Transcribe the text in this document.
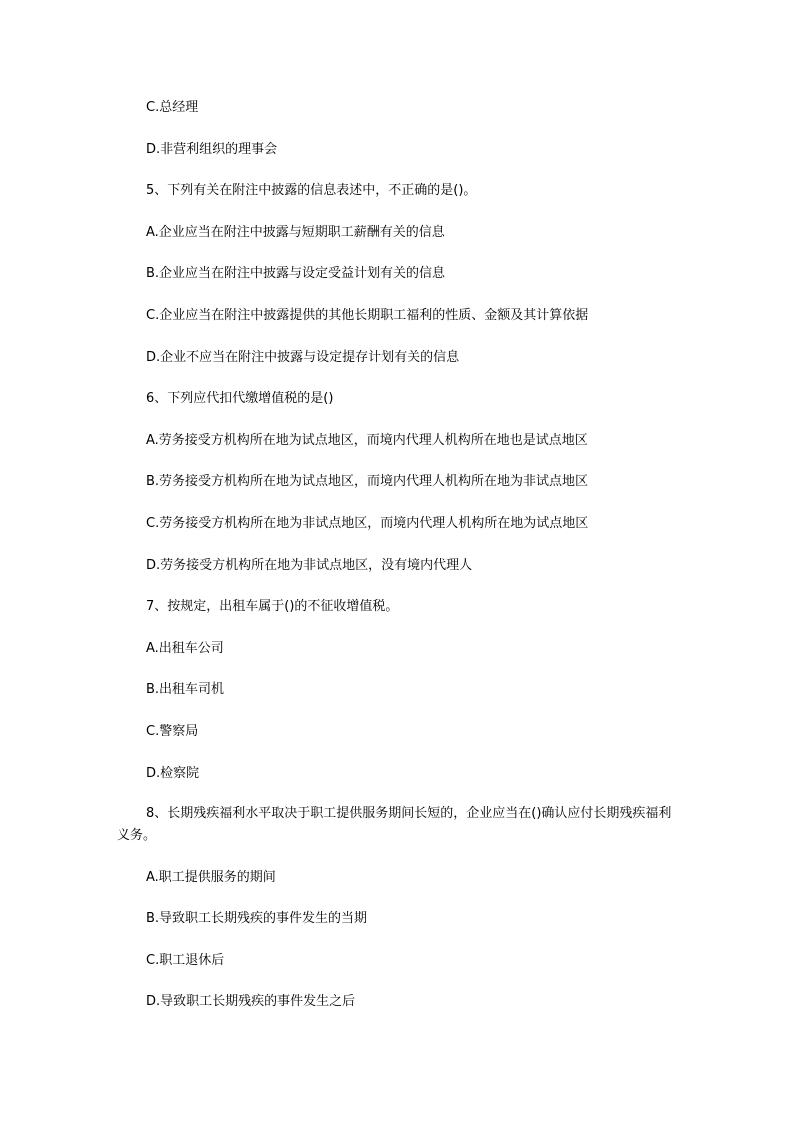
C.总经理
D.非营利组织的理事会
5、下列有关在附注中披露的信息表述中，不正确的是()。
A.企业应当在附注中披露与短期职工薪酬有关的信息
B.企业应当在附注中披露与设定受益计划有关的信息
C.企业应当在附注中披露提供的其他长期职工福利的性质、金额及其计算依据
D.企业不应当在附注中披露与设定提存计划有关的信息
6、下列应代扣代缴增值税的是()
A.劳务接受方机构所在地为试点地区，而境内代理人机构所在地也是试点地区
B.劳务接受方机构所在地为试点地区，而境内代理人机构所在地为非试点地区
C.劳务接受方机构所在地为非试点地区，而境内代理人机构所在地为试点地区
D.劳务接受方机构所在地为非试点地区，没有境内代理人
7、按规定，出租车属于()的不征收增值税。
A.出租车公司
B.出租车司机
C.警察局
D.检察院
8、长期残疾福利水平取决于职工提供服务期间长短的，企业应当在()确认应付长期残疾福利义务。
A.职工提供服务的期间
B.导致职工长期残疾的事件发生的当期
C.职工退休后
D.导致职工长期残疾的事件发生之后
